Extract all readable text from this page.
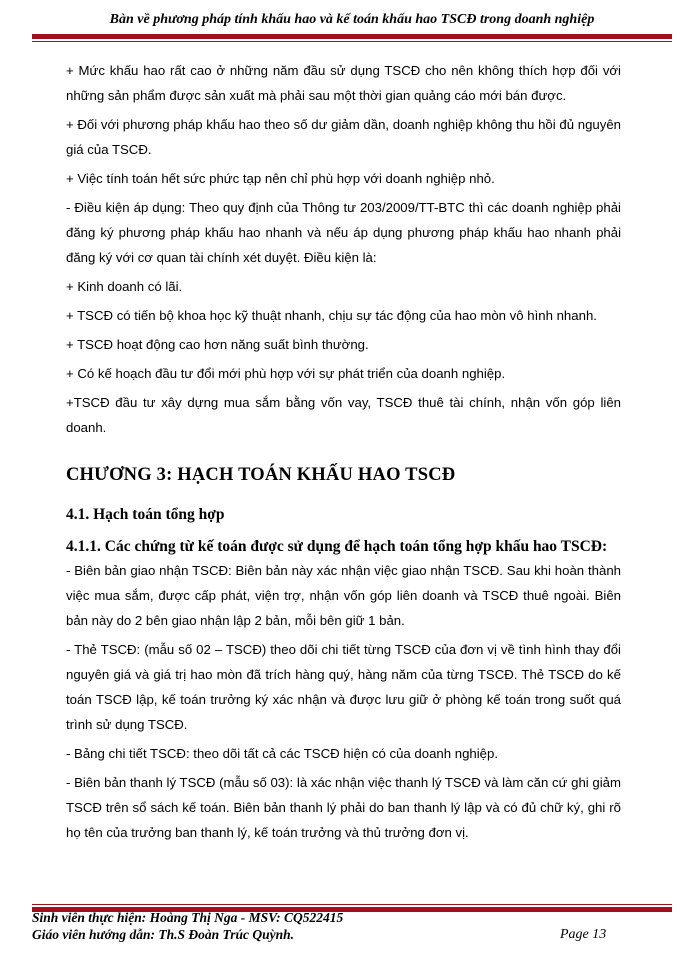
Bàn về phương pháp tính khấu hao và kế toán khấu hao TSCĐ trong doanh nghiệp

+ Mức khấu hao rất cao ở những năm đầu sử dụng TSCĐ cho nên không thích hợp đối với những sản phẩm được sản xuất mà phải sau một thời gian quảng cáo mới bán được.

+ Đối với phương pháp khấu hao theo số dư giảm dần, doanh nghiệp không thu hồi đủ nguyên giá của TSCĐ.

+ Việc tính toán hết sức phức tạp nên chỉ phù hợp với doanh nghiệp nhỏ.

- Điều kiện áp dụng: Theo quy định của Thông tư 203/2009/TT-BTC thì các doanh nghiệp phải đăng ký phương pháp khấu hao nhanh và nếu áp dụng phương pháp khấu hao nhanh phải đăng ký với cơ quan tài chính xét duyệt. Điều kiện là:

+ Kinh doanh có lãi.

+ TSCĐ có tiến bộ khoa học kỹ thuật nhanh, chịu sự tác động của hao mòn vô hình nhanh.

+ TSCĐ hoạt động cao hơn năng suất bình thường.

+ Có kế hoạch đầu tư đổi mới phù hợp với sự phát triển của doanh nghiệp.

+TSCĐ đầu tư xây dựng mua sắm bằng vốn vay, TSCĐ thuê tài chính, nhận vốn góp liên doanh.

CHƯƠNG 3: HẠCH TOÁN KHẤU HAO TSCĐ
4.1. Hạch toán tổng hợp
4.1.1. Các chứng từ kế toán được sử dụng để hạch toán tổng hợp khấu hao TSCĐ:

- Biên bản giao nhận TSCĐ: Biên bản này xác nhận việc giao nhận TSCĐ. Sau khi hoàn thành việc mua sắm, được cấp phát, viện trợ, nhận vốn góp liên doanh và TSCĐ thuê ngoài. Biên bản này do 2 bên giao nhận lập 2 bản, mỗi bên giữ 1 bản.

- Thẻ TSCĐ: (mẫu số 02 – TSCĐ) theo dõi chi tiết từng TSCĐ của đơn vị về tình hình thay đổi nguyên giá và giá trị hao mòn đã trích hàng quý, hàng năm của từng TSCĐ. Thẻ TSCĐ do kế toán TSCĐ lập, kế toán trưởng ký xác nhận và được lưu giữ ở phòng kế toán trong suốt quá trình sử dụng TSCĐ.

- Bảng chi tiết TSCĐ: theo dõi tất cả các TSCĐ hiện có của doanh nghiệp.

- Biên bản thanh lý TSCĐ (mẫu số 03): là xác nhận việc thanh lý TSCĐ và làm căn cứ ghi giảm TSCĐ trên sổ sách kế toán. Biên bản thanh lý phải do ban thanh lý lập và có đủ chữ ký, ghi rõ họ tên của trưởng ban thanh lý, kế toán trưởng và thủ trưởng đơn vị.

Sinh viên thực hiện: Hoàng Thị Nga - MSV: CQ522415
Giáo viên hướng dẫn: Th.S Đoàn Trúc Quỳnh.	Page 13
